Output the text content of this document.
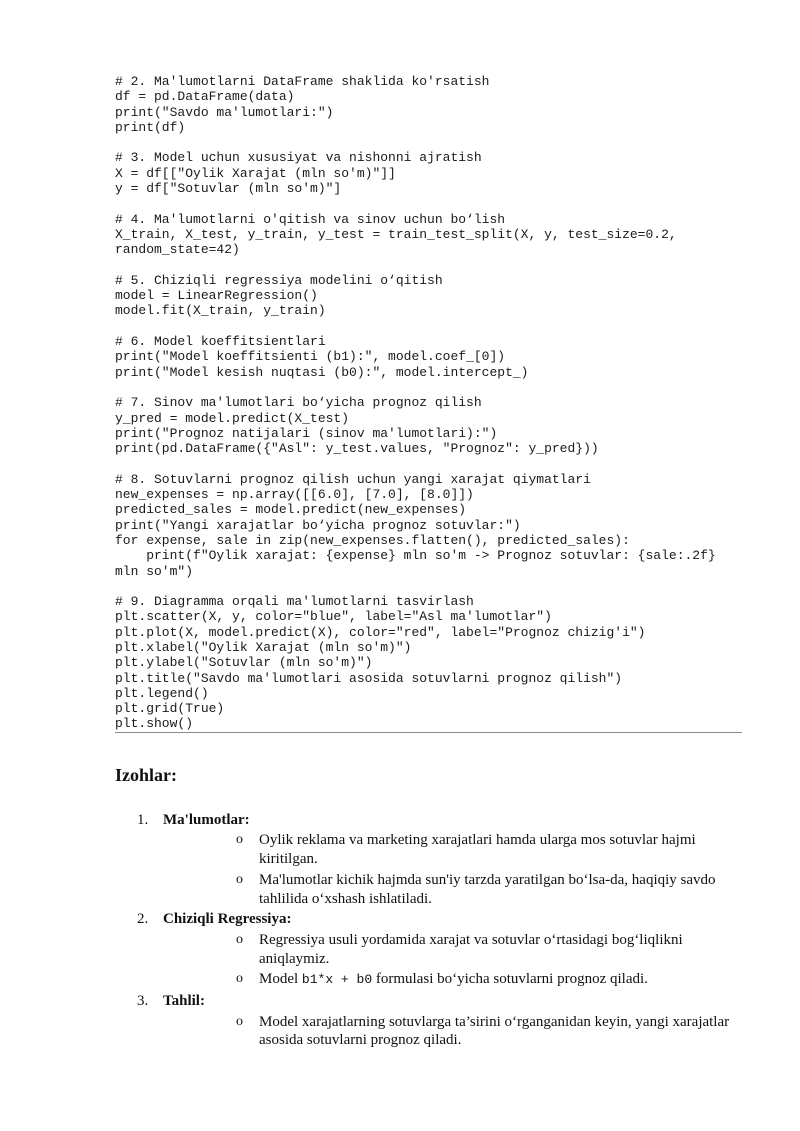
# 2. Ma'lumotlarni DataFrame shaklida ko'rsatish
df = pd.DataFrame(data)
print("Savdo ma'lumotlari:")
print(df)
# 3. Model uchun xususiyat va nishonni ajratish
X = df[["Oylik Xarajat (mln so'm)"]]
y = df["Sotuvlar (mln so'm)"]
# 4. Ma'lumotlarni o'qitish va sinov uchun bo‘lish
X_train, X_test, y_train, y_test = train_test_split(X, y, test_size=0.2,
random_state=42)
# 5. Chiziqli regressiya modelini o‘qitish
model = LinearRegression()
model.fit(X_train, y_train)
# 6. Model koeffitsientlari
print("Model koeffitsienti (b1):", model.coef_[0])
print("Model kesish nuqtasi (b0):", model.intercept_)
# 7. Sinov ma'lumotlari bo‘yicha prognoz qilish
y_pred = model.predict(X_test)
print("Prognoz natijalari (sinov ma'lumotlari):")
print(pd.DataFrame({"Asl": y_test.values, "Prognoz": y_pred}))
# 8. Sotuvlarni prognoz qilish uchun yangi xarajat qiymatlari
new_expenses = np.array([[6.0], [7.0], [8.0]])
predicted_sales = model.predict(new_expenses)
print("Yangi xarajatlar bo‘yicha prognoz sotuvlar:")
for expense, sale in zip(new_expenses.flatten(), predicted_sales):
print(f"Oylik xarajat: {expense} mln so'm -> Prognoz sotuvlar: {sale:.2f}
mln so'm")
# 9. Diagramma orqali ma'lumotlarni tasvirlash
plt.scatter(X, y, color="blue", label="Asl ma'lumotlar")
plt.plot(X, model.predict(X), color="red", label="Prognoz chizig'i")
plt.xlabel("Oylik Xarajat (mln so'm)")
plt.ylabel("Sotuvlar (mln so'm)")
plt.title("Savdo ma'lumotlari asosida sotuvlarni prognoz qilish")
plt.legend()
plt.grid(True)
plt.show()
Izohlar:
1. Ma'lumotlar:
o Oylik reklama va marketing xarajatlari hamda ularga mos sotuvlar hajmi kiritilgan.
o Ma'lumotlar kichik hajmda sun'iy tarzda yaratilgan bo‘lsa-da, haqiqiy savdo tahlilida o‘xshash ishlatiladi.
2. Chiziqli Regressiya:
o Regressiya usuli yordamida xarajat va sotuvlar o‘rtasidagi bog‘liqlikni aniqlaymiz.
o Model b1*x + b0 formulasi bo‘yicha sotuvlarni prognoz qiladi.
3. Tahlil:
o Model xarajatlarning sotuvlarga ta’sirini o‘rganganidan keyin, yangi xarajatlar asosida sotuvlarni prognoz qiladi.
